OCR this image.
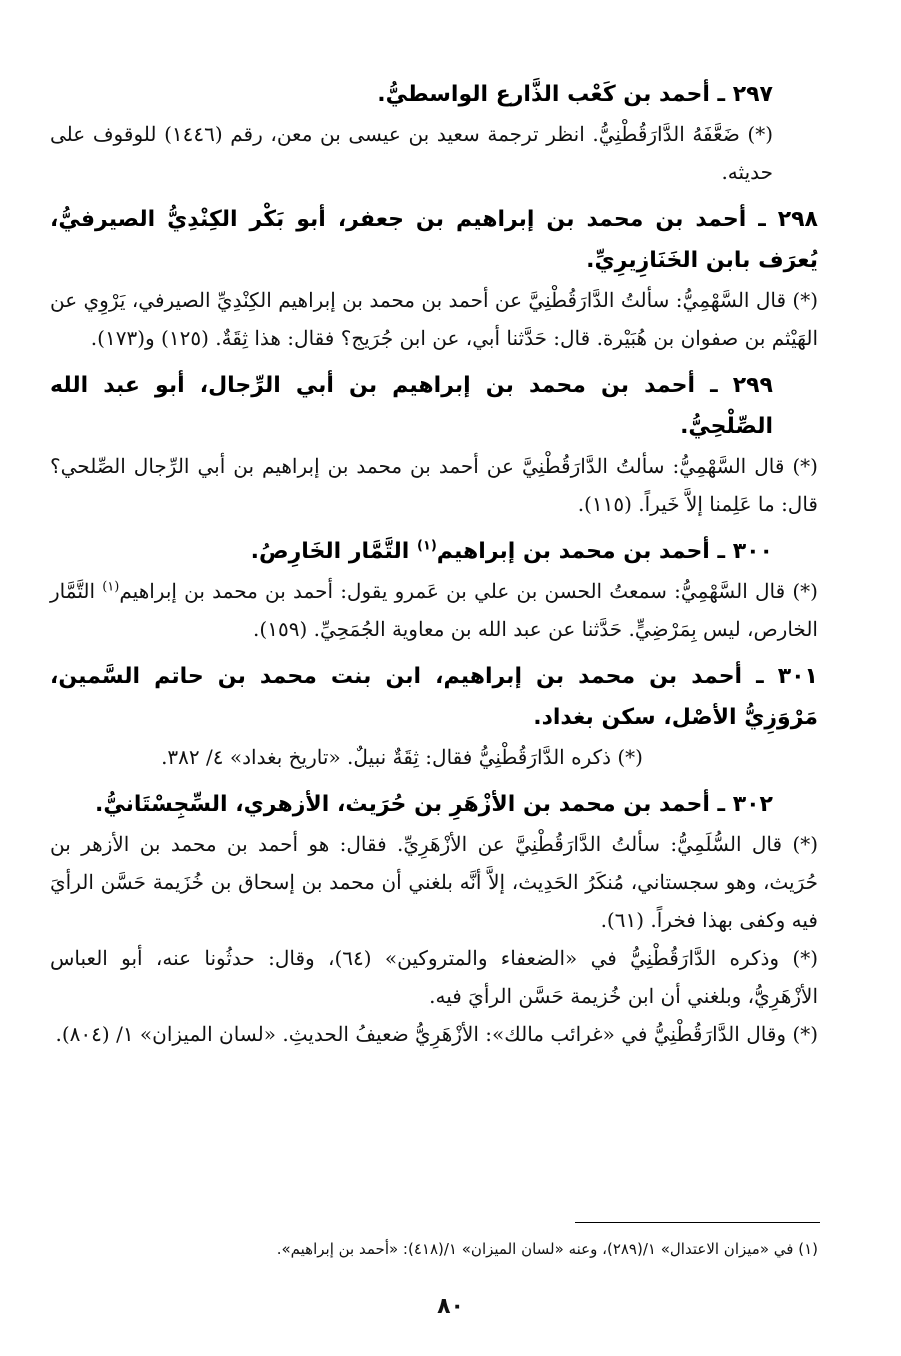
٢٩٧ ـ أحمد بن كَعْب الذَّارع الواسطيُّ.

(*) ضَعَّفَهُ الدَّارَقُطْنِيُّ. انظر ترجمة سعيد بن عيسى بن معن، رقم (١٤٤٦) للوقوف على حديثه.

٢٩٨ ـ أحمد بن محمد بن إبراهيم بن جعفر، أبو بَكْر الكِنْدِيُّ الصيرفيُّ، يُعرَف بابن الخَنَازِيرِيِّ.

(*) قال السَّهْمِيُّ: سألتُ الدَّارَقُطْنِيَّ عن أحمد بن محمد بن إبراهيم الكِنْدِيِّ الصيرفي، يَرْوِي عن الهَيْثم بن صفوان بن هُبَيْرة. قال: حَدَّثنا أبي، عن ابن جُرَيج؟ فقال: هذا ثِقَةٌ. (١٢٥) و(١٧٣).

٢٩٩ ـ أحمد بن محمد بن إبراهيم بن أبي الرِّجال، أبو عبد الله الصِّلْحِيُّ.

(*) قال السَّهْمِيُّ: سألتُ الدَّارَقُطْنِيَّ عن أحمد بن محمد بن إبراهيم بن أبي الرِّجال الصِّلحي؟ قال: ما عَلِمنا إلاَّ خَيراً. (١١٥).

٣٠٠ ـ أحمد بن محمد بن إبراهيم$^{(١)}$ التَّمَّار الخَارِصُ.

(*) قال السَّهْمِيُّ: سمعتُ الحسن بن علي بن عَمرو يقول: أحمد بن محمد بن إبراهيم$^{(١)}$ التَّمَّار الخارص، ليس بِمَرْضِيٍّ. حَدَّثنا عن عبد الله بن معاوية الجُمَحِيِّ. (١٥٩).

٣٠١ ـ أحمد بن محمد بن إبراهيم، ابن بنت محمد بن حاتم السَّمين، مَرْوَزِيُّ الأصْل، سكن بغداد.

(*) ذكره الدَّارَقُطْنِيُّ فقال: ثِقَةٌ نبيلٌ. «تاريخ بغداد» ٤/ ٣٨٢.

٣٠٢ ـ أحمد بن محمد بن الأزْهَرِ بن حُرَيث، الأزهري، السِّجِسْتَانيُّ.

(*) قال السُّلَمِيُّ: سألتُ الدَّارَقُطْنِيَّ عن الأزْهَرِيِّ. فقال: هو أحمد بن محمد بن الأزهر بن حُرَيث، وهو سجستاني، مُنكَرُ الحَدِيث، إلاَّ أنَّه بلغني أن محمد بن إسحاق بن خُزَيمة حَسَّن الرأيَ فيه وكفى بهذا فخراً. (٦١).

(*) وذكره الدَّارَقُطْنِيُّ في «الضعفاء والمتروكين» (٦٤)، وقال: حدثُونا عنه، أبو العباس الأزْهَرِيُّ، وبلغني أن ابن خُزيمة حَسَّن الرأيَ فيه.

(*) وقال الدَّارَقُطْنِيُّ في «غرائب مالك»: الأزْهَرِيُّ ضعيفُ الحديثِ. «لسان الميزان» ١/ (٨٠٤).

(١) في «ميزان الاعتدال» ١/(٢٨٩)، وعنه «لسان الميزان» ١/(٤١٨): «أحمد بن إبراهيم».

٨٠
